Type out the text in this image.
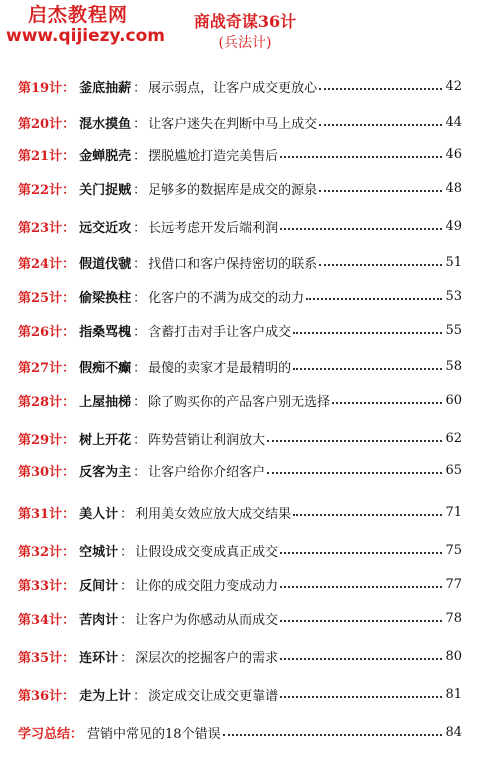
启杰教程网
www.qijiezy.com
商战奇谋36计
(兵法计)
第19计 ： 釜底抽薪 ： 展示弱点，让客户成交更放心	42
第20计 ： 混水摸鱼 ： 让客户迷失在判断中马上成交	44
第21计 ： 金蝉脱壳 ： 摆脱尴尬打造完美售后	46
第22计 ： 关门捉贼 ： 足够多的数据库是成交的源泉	48
第23计 ： 远交近攻 ： 长远考虑开发后端利润	49
第24计 ： 假道伐虢 ： 找借口和客户保持密切的联系	51
第25计 ： 偷梁换柱 ： 化客户的不满为成交的动力	53
第26计 ： 指桑骂槐 ： 含蓄打击对手让客户成交	55
第27计 ： 假痴不癫 ： 最傻的卖家才是最精明的	58
第28计 ： 上屋抽梯 ： 除了购买你的产品客户别无选择	60
第29计 ： 树上开花 ： 阵势营销让利润放大	62
第30计 ： 反客为主 ： 让客户给你介绍客户	65
第31计 ： 美人计 ： 利用美女效应放大成交结果	71
第32计 ： 空城计 ： 让假设成交变成真正成交	75
第33计 ： 反间计 ： 让你的成交阻力变成动力	77
第34计 ： 苦肉计 ： 让客户为你感动从而成交	78
第35计 ： 连环计 ： 深层次的挖掘客户的需求	80
第36计 ： 走为上计 ： 淡定成交让成交更靠谱	81
学习总结 ： 营销中常见的18个错误	84
